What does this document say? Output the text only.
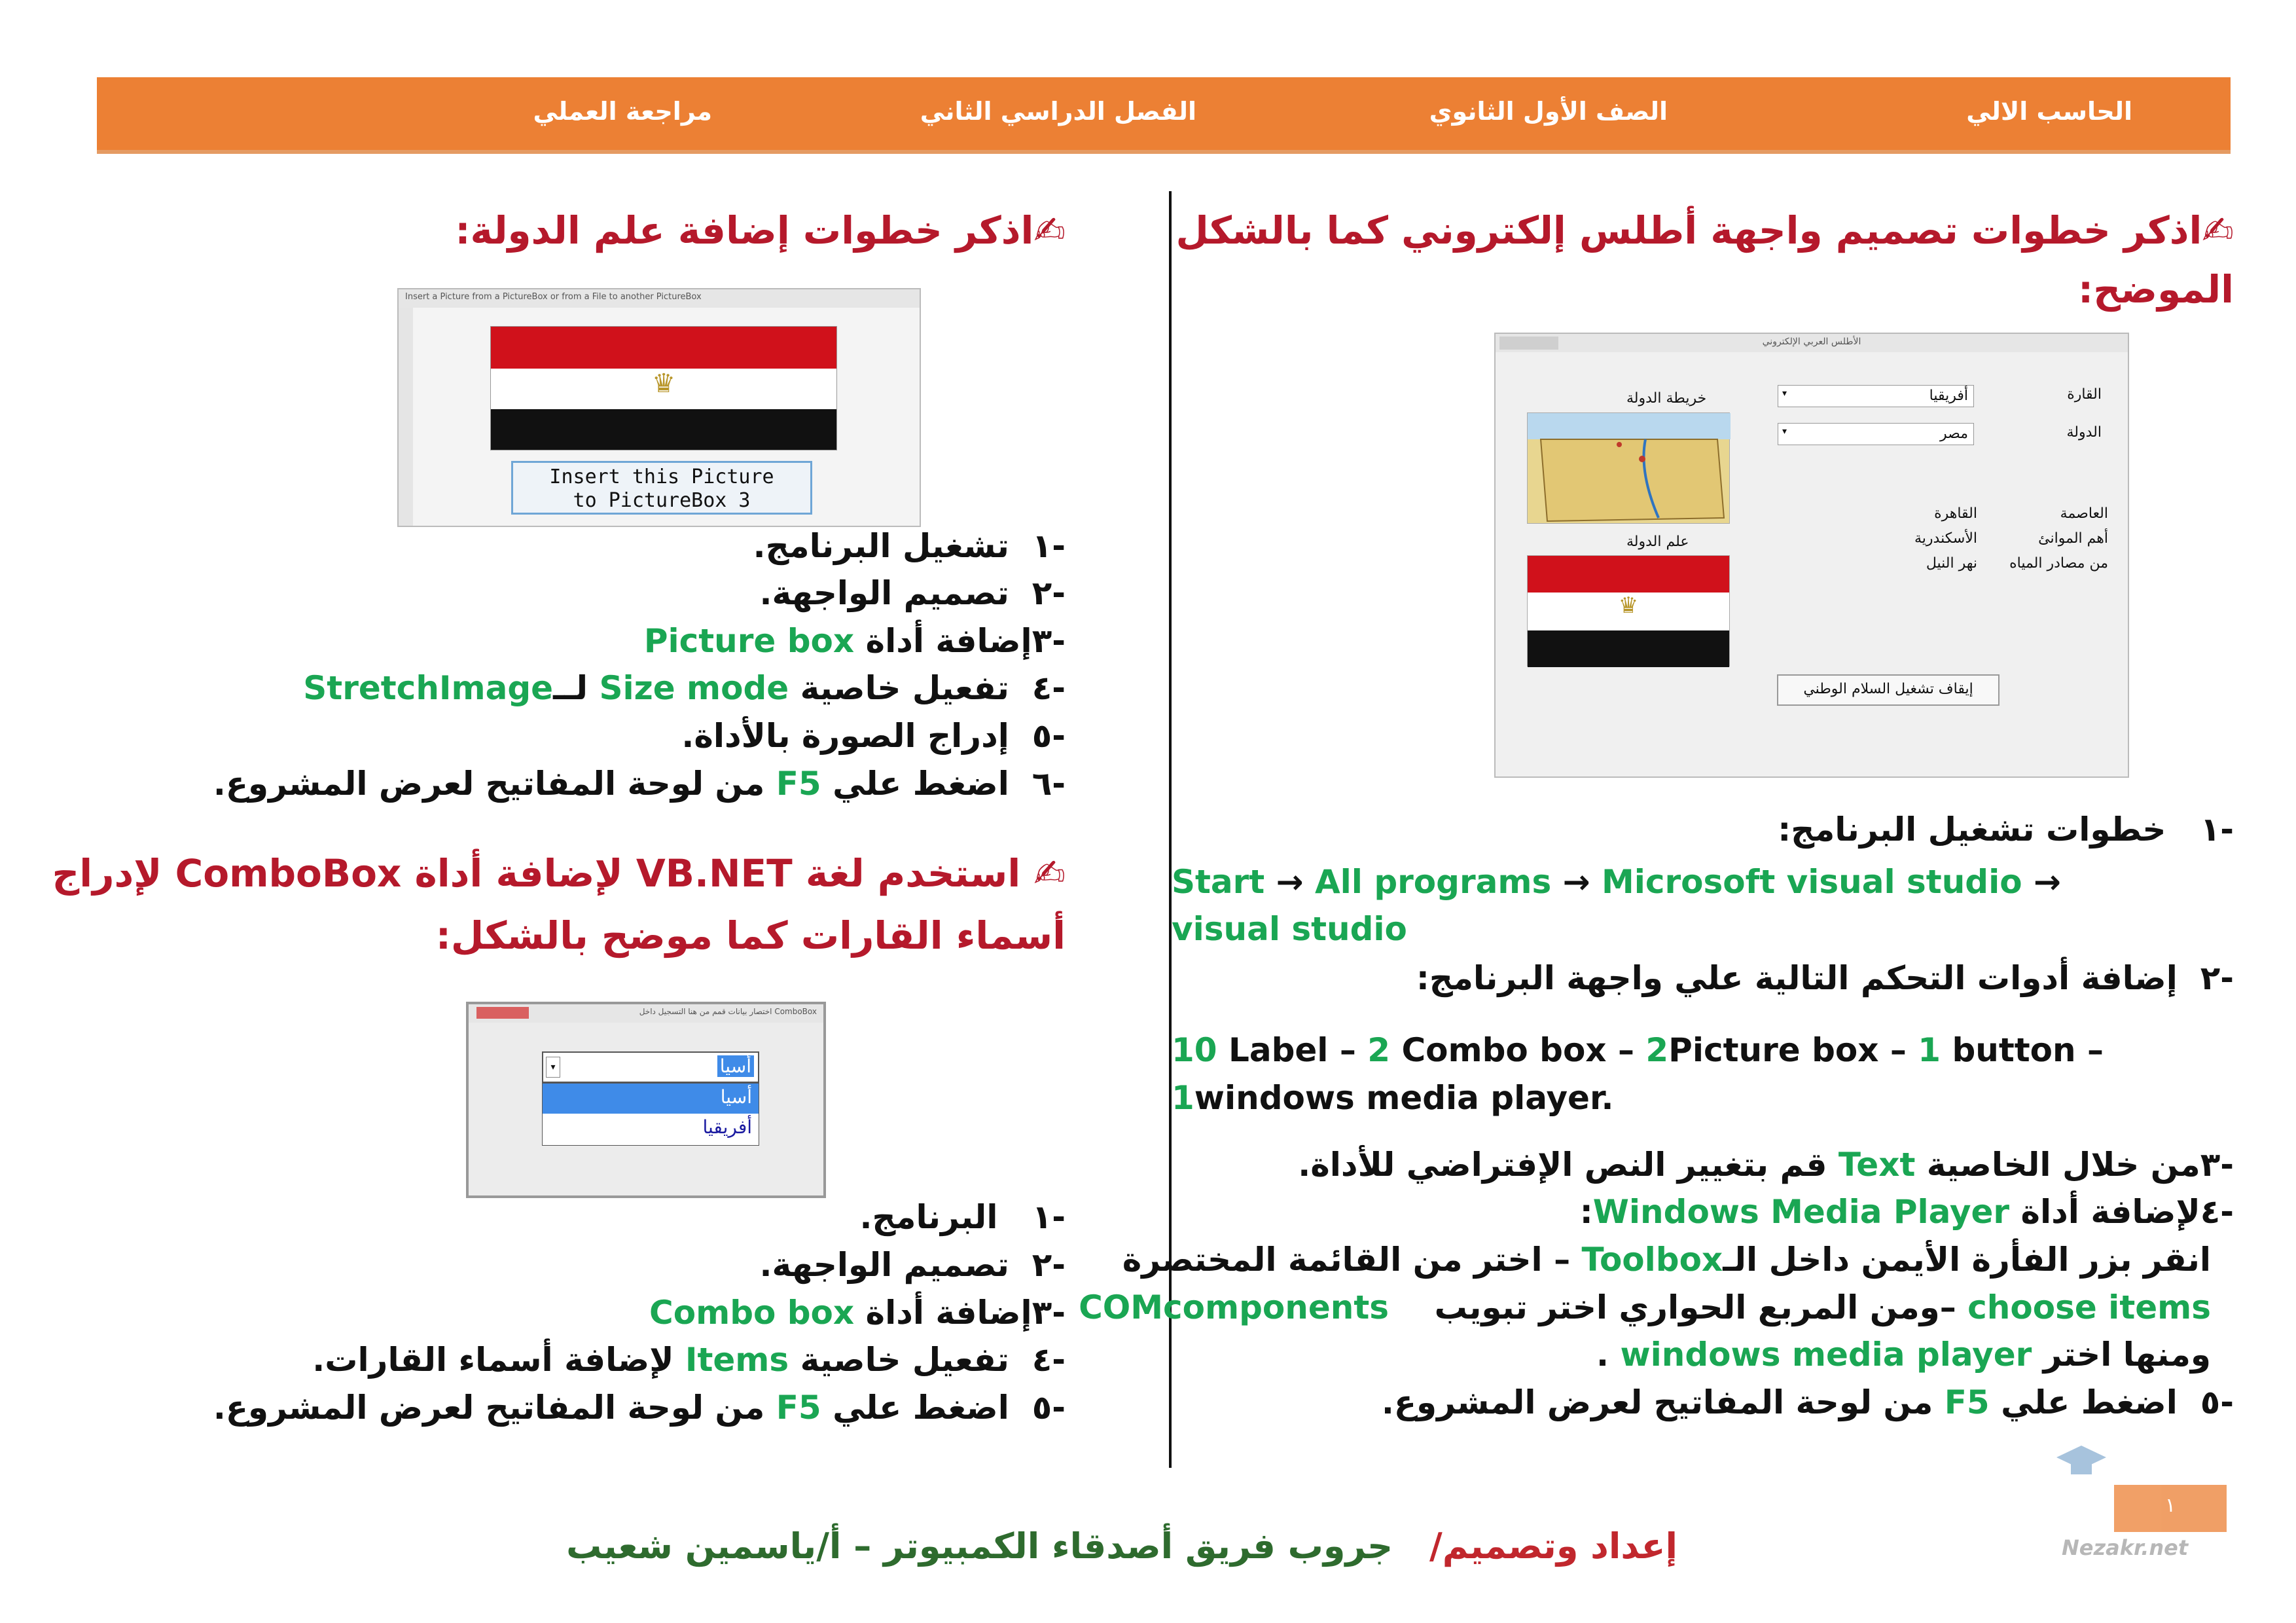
الحاسب الالي
الصف الأول الثانوي
الفصل الدراسي الثاني
مراجعة العملي
✍اذكر خطوات تصميم واجهة أطلس إلكتروني كما بالشكل
الموضح:
الأطلس العربي الإلكتروني
القارة
أفريقيا
▾
الدولة
مصر
▾
خريطة الدولة
علم الدولة
♛
العاصمة
القاهرة
أهم الموانئ
الأسكندرية
من مصادر المياه
نهر النيل
إيقاف تشغيل السلام الوطني
-١   خطوات تشغيل البرنامج:
Start → All programs → Microsoft visual studio →
visual studio
-٢  إضافة أدوات التحكم التالية علي واجهة البرنامج:
10 Label – 2 Combo box – 2Picture box – 1 button –
1windows media player.
-٣من خلال الخاصية Text قم بتغيير النص الإفتراضي للأداة.
-٤لإضافة أداة Windows Media Player:
انقر بزر الفأرة الأيمن داخل الـToolbox – اختر من القائمة المختصرة
choose items –ومن المربع الحواري اختر تبويب    COMcomponents
ومنها اختر windows media player .
-٥  اضغط علي F5 من لوحة المفاتيح لعرض المشروع.
✍اذكر خطوات إضافة علم الدولة:
Insert a Picture from a PictureBox or from a File to another PictureBox
♛
Insert this Picture
to PictureBox 3
-١  تشغيل البرنامج.
-٢  تصميم الواجهة.
-٣إضافة أداة Picture box
-٤  تفعيل خاصية Size mode لــStretchImage
-٥  إدراج الصورة بالأداة.
-٦  اضغط علي F5 من لوحة المفاتيح لعرض المشروع.
✍ استخدم لغة VB.NET لإضافة أداة ComboBox لإدراج
أسماء القارات كما موضح بالشكل:
ComboBox اختصار بيانات قمم من هنا التسجيل داخل
▾	أسيا
أسيا
أفريقيا
-١   البرنامج.
-٢  تصميم الواجهة.
-٣إضافة أداة Combo box
-٤  تفعيل خاصية Items لإضافة أسماء القارات.
-٥  اضغط علي F5 من لوحة المفاتيح لعرض المشروع.
إعداد وتصميم/
جروب فريق أصدقاء الكمبيوتر – أ/ياسمين شعيب
١
Nezakr.net
